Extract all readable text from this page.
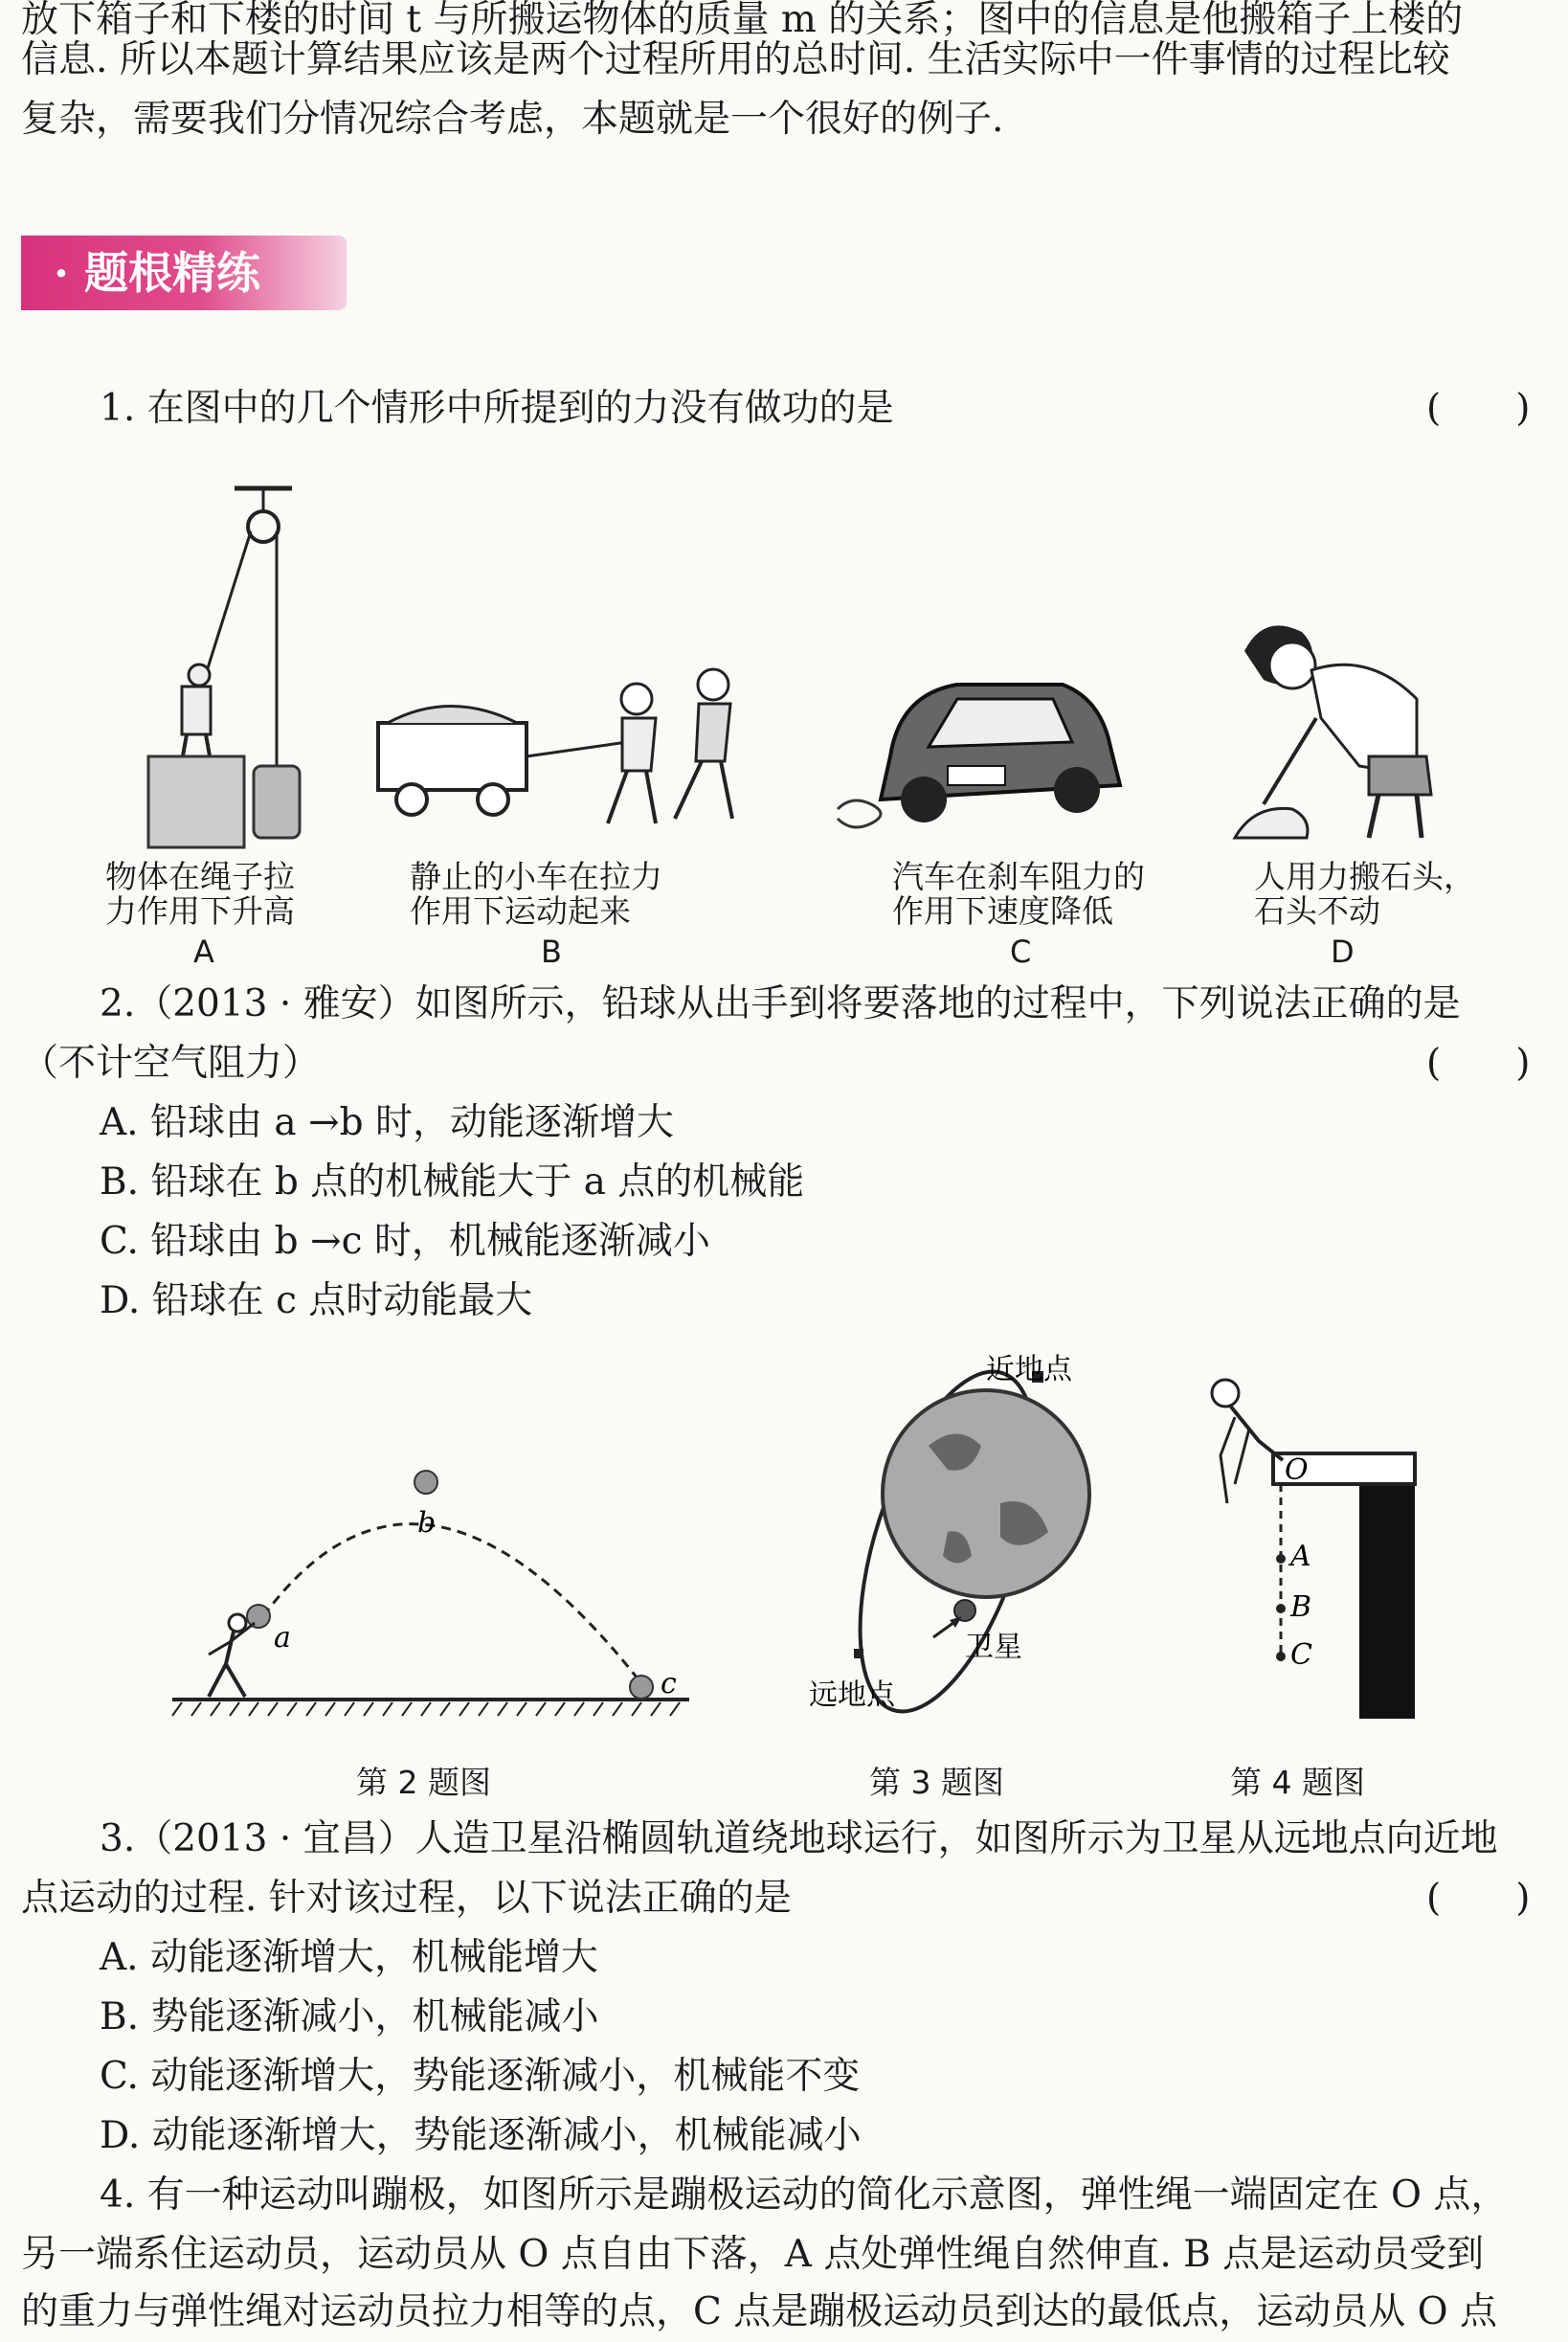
放下箱子和下楼的时间 t 与所搬运物体的质量 m 的关系；图中的信息是他搬箱子上楼的
信息. 所以本题计算结果应该是两个过程所用的总时间. 生活实际中一件事情的过程比较
复杂，需要我们分情况综合考虑，本题就是一个很好的例子.
· 题根精练
1. 在图中的几个情形中所提到的力没有做功的是	(　　)
物体在绳子拉
力作用下升高
A
静止的小车在拉力
作用下运动起来
B
汽车在刹车阻力的
作用下速度降低
C
人用力搬石头，
石头不动
D
2.（2013 · 雅安）如图所示，铅球从出手到将要落地的过程中，下列说法正确的是
（不计空气阻力）	(　　)
A. 铅球由 a →b 时，动能逐渐增大
B. 铅球在 b 点的机械能大于 a 点的机械能
C. 铅球由 b →c 时，机械能逐渐减小
D. 铅球在 c 点时动能最大
a
b
c
第 2 题图
近地点
远地点
卫星
第 3 题图
O
A
B
C
第 4 题图
3.（2013 · 宜昌）人造卫星沿椭圆轨道绕地球运行，如图所示为卫星从远地点向近地
点运动的过程. 针对该过程，以下说法正确的是	(　　)
A. 动能逐渐增大，机械能增大
B. 势能逐渐减小，机械能减小
C. 动能逐渐增大，势能逐渐减小，机械能不变
D. 动能逐渐增大，势能逐渐减小，机械能减小
4. 有一种运动叫蹦极，如图所示是蹦极运动的简化示意图，弹性绳一端固定在 O 点，
另一端系住运动员，运动员从 O 点自由下落，A 点处弹性绳自然伸直. B 点是运动员受到
的重力与弹性绳对运动员拉力相等的点，C 点是蹦极运动员到达的最低点，运动员从 O 点
